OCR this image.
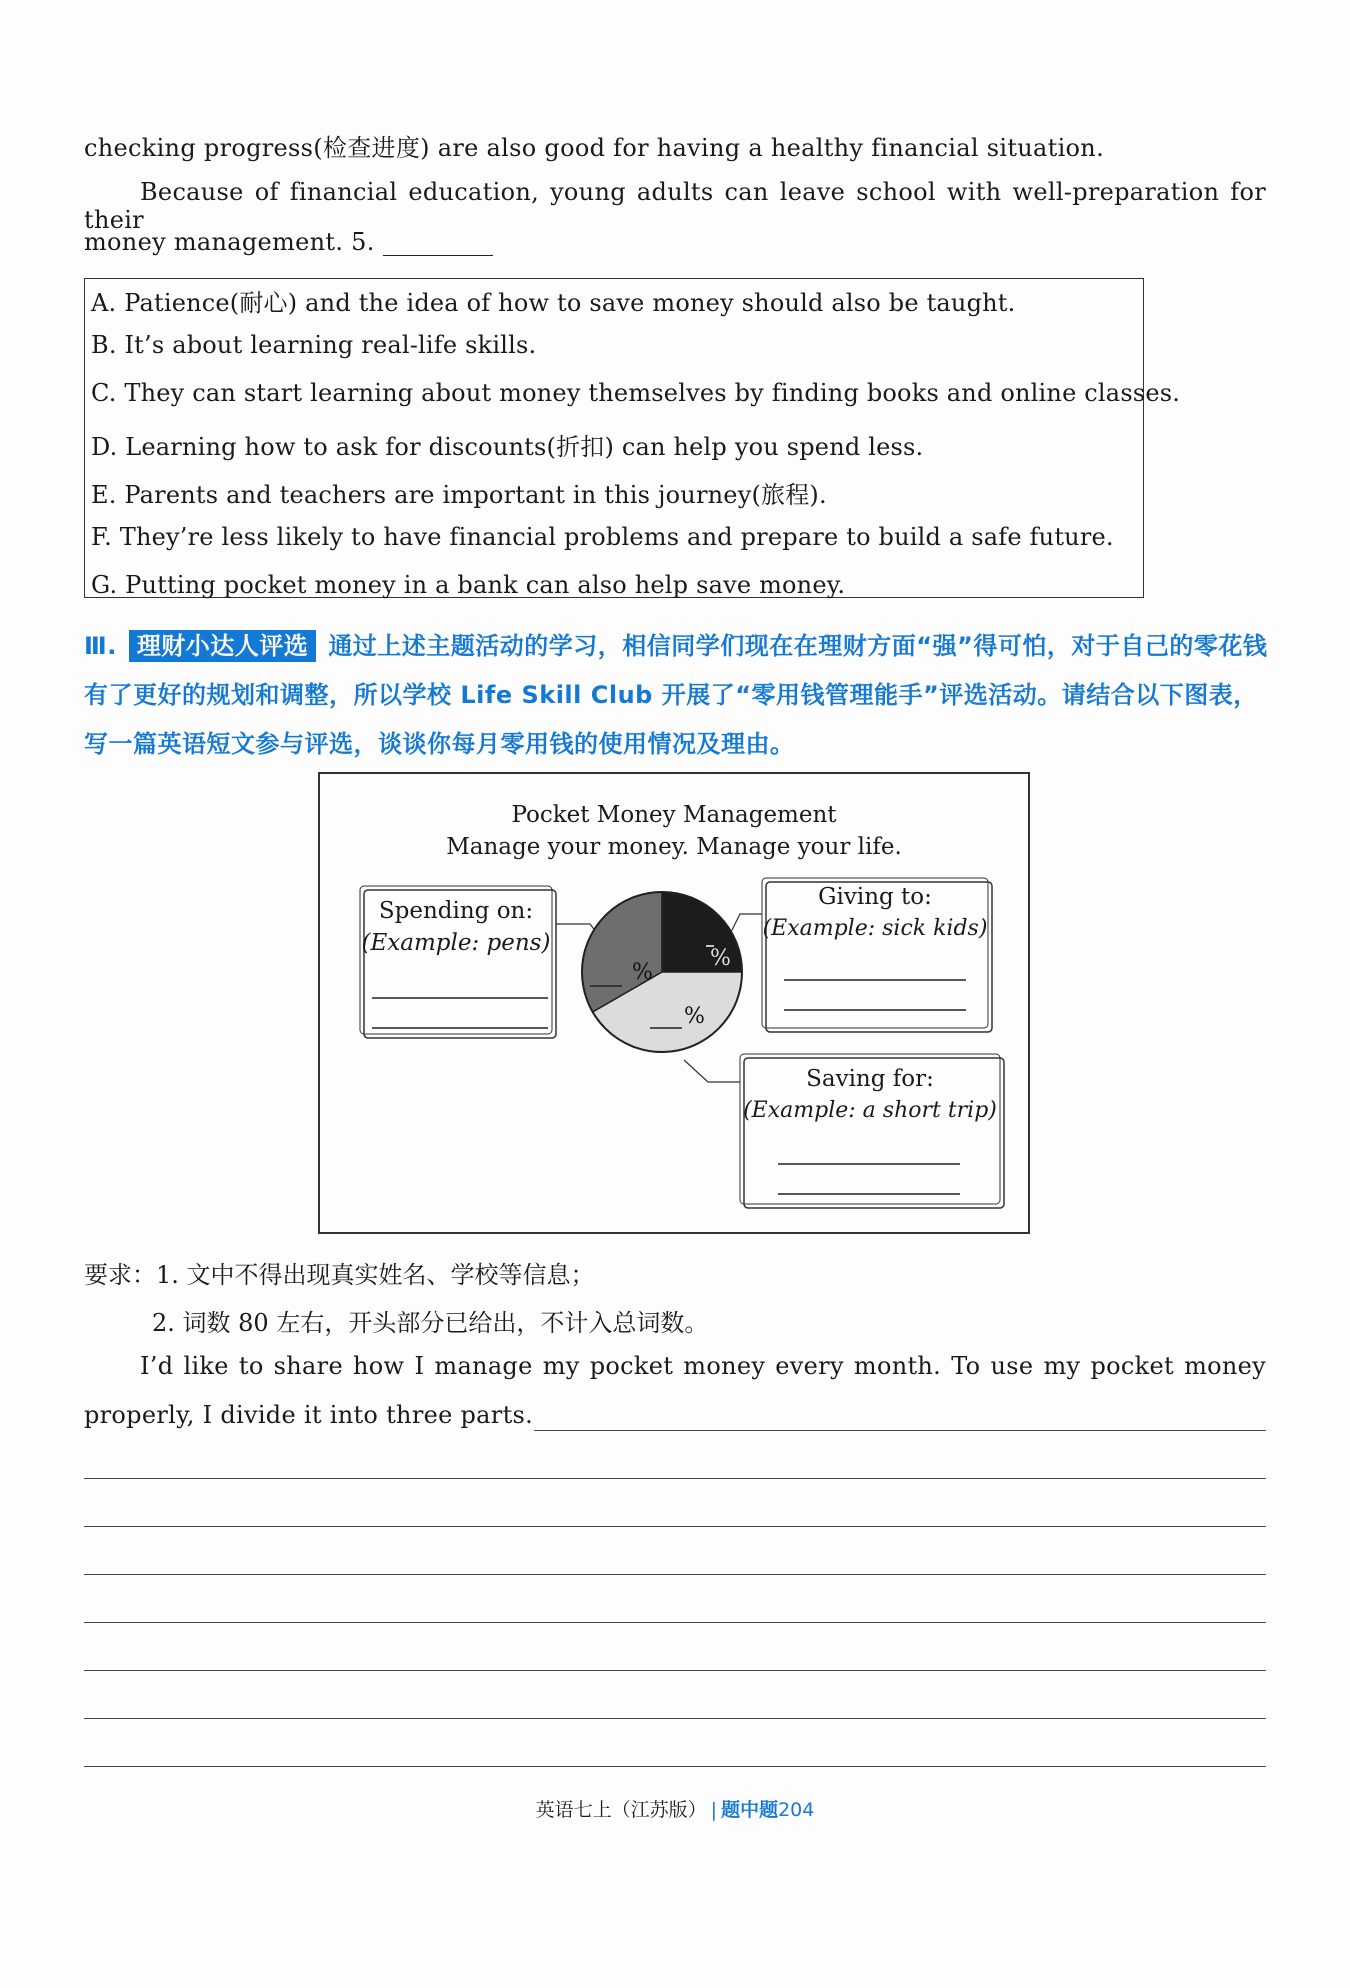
checking progress(检查进度) are also good for having a healthy financial situation.
Because of financial education, young adults can leave school with well-preparation for their
money management. 5.
A. Patience(耐心) and the idea of how to save money should also be taught.
B. It’s about learning real-life skills.
C. They can start learning about money themselves by finding books and online classes.
D. Learning how to ask for discounts(折扣) can help you spend less.
E. Parents and teachers are important in this journey(旅程).
F. They’re less likely to have financial problems and prepare to build a safe future.
G. Putting pocket money in a bank can also help save money.
Ⅲ. 理财小达人评选 通过上述主题活动的学习，相信同学们现在在理财方面“强”得可怕，对于自己的零花钱有了更好的规划和调整，所以学校 Life Skill Club 开展了“零用钱管理能手”评选活动。请结合以下图表，写一篇英语短文参与评选，谈谈你每月零用钱的使用情况及理由。
Pocket Money Management
Manage your money. Manage your life.
Spending on:
(Example: pens)
Giving to:
(Example: sick kids)
Saving for:
(Example: a short trip)
%
%
%
要求：1. 文中不得出现真实姓名、学校等信息；
2. 词数 80 左右，开头部分已给出，不计入总词数。
I’d like to share how I manage my pocket money every month. To use my pocket money
properly, I divide it into three parts.
英语七上（江苏版） | 题中题204
